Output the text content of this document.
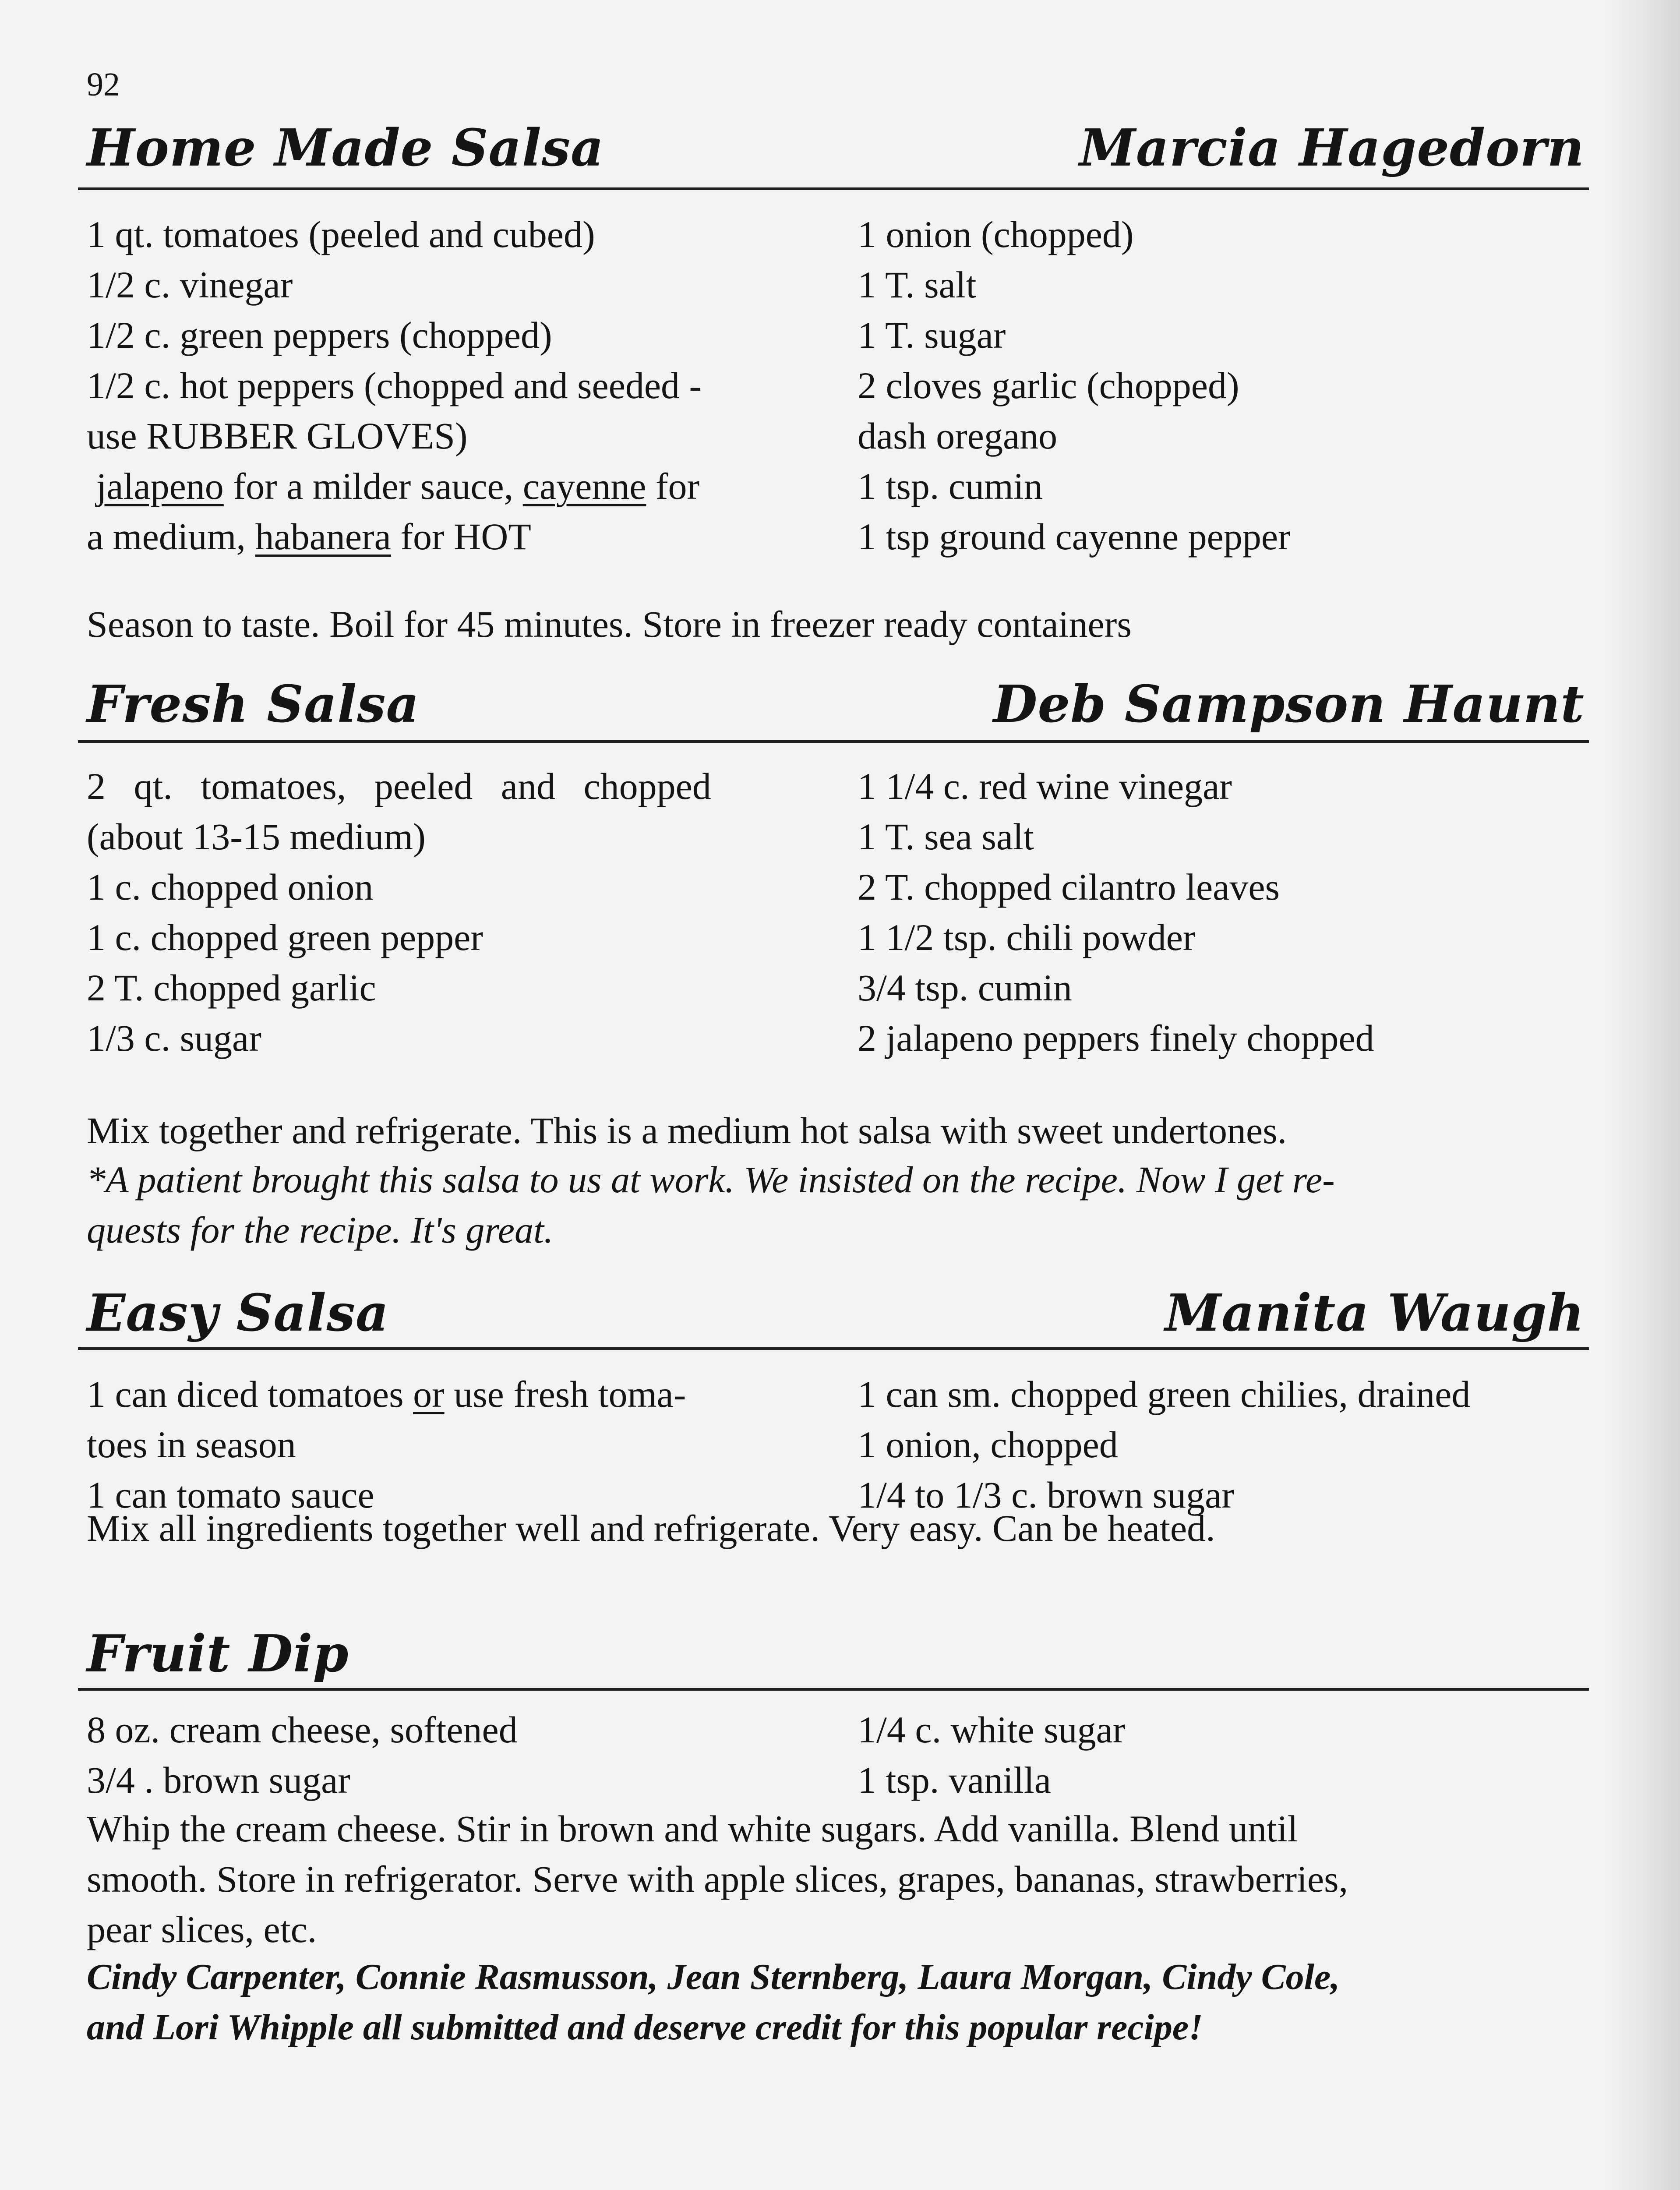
92
Home Made Salsa	Marcia Hagedorn
1 qt. tomatoes (peeled and cubed)
1/2 c. vinegar
1/2 c. green peppers (chopped)
1/2 c. hot peppers (chopped and seeded -
use RUBBER GLOVES)
jalapeno for a milder sauce, cayenne for
a medium, habanera for HOT
1 onion (chopped)
1 T. salt
1 T. sugar
2 cloves garlic (chopped)
dash oregano
1 tsp. cumin
1 tsp ground cayenne pepper
Season to taste. Boil for 45 minutes. Store in freezer ready containers
Fresh Salsa	Deb Sampson Haunt
2   qt.   tomatoes,   peeled   and   chopped
(about 13-15 medium)
1 c. chopped onion
1 c. chopped green pepper
2 T. chopped garlic
1/3 c. sugar
1 1/4 c. red wine vinegar
1 T. sea salt
2 T. chopped cilantro leaves
1 1/2 tsp. chili powder
3/4 tsp. cumin
2 jalapeno peppers finely chopped
Mix together and refrigerate. This is a medium hot salsa with sweet undertones.
*A patient brought this salsa to us at work. We insisted on the recipe. Now I get re-
quests for the recipe. It's great.
Easy Salsa	Manita Waugh
1 can diced tomatoes or use fresh toma-
toes in season
1 can tomato sauce
1 can sm. chopped green chilies, drained
1 onion, chopped
1/4 to 1/3 c. brown sugar
Mix all ingredients together well and refrigerate. Very easy. Can be heated.
Fruit Dip
8 oz. cream cheese, softened
3/4 . brown sugar
1/4 c. white sugar
1 tsp. vanilla
Whip the cream cheese. Stir in brown and white sugars. Add vanilla. Blend until
smooth. Store in refrigerator. Serve with apple slices, grapes, bananas, strawberries,
pear slices, etc.
Cindy Carpenter, Connie Rasmusson, Jean Sternberg, Laura Morgan, Cindy Cole,
and Lori Whipple all submitted and deserve credit for this popular recipe!
